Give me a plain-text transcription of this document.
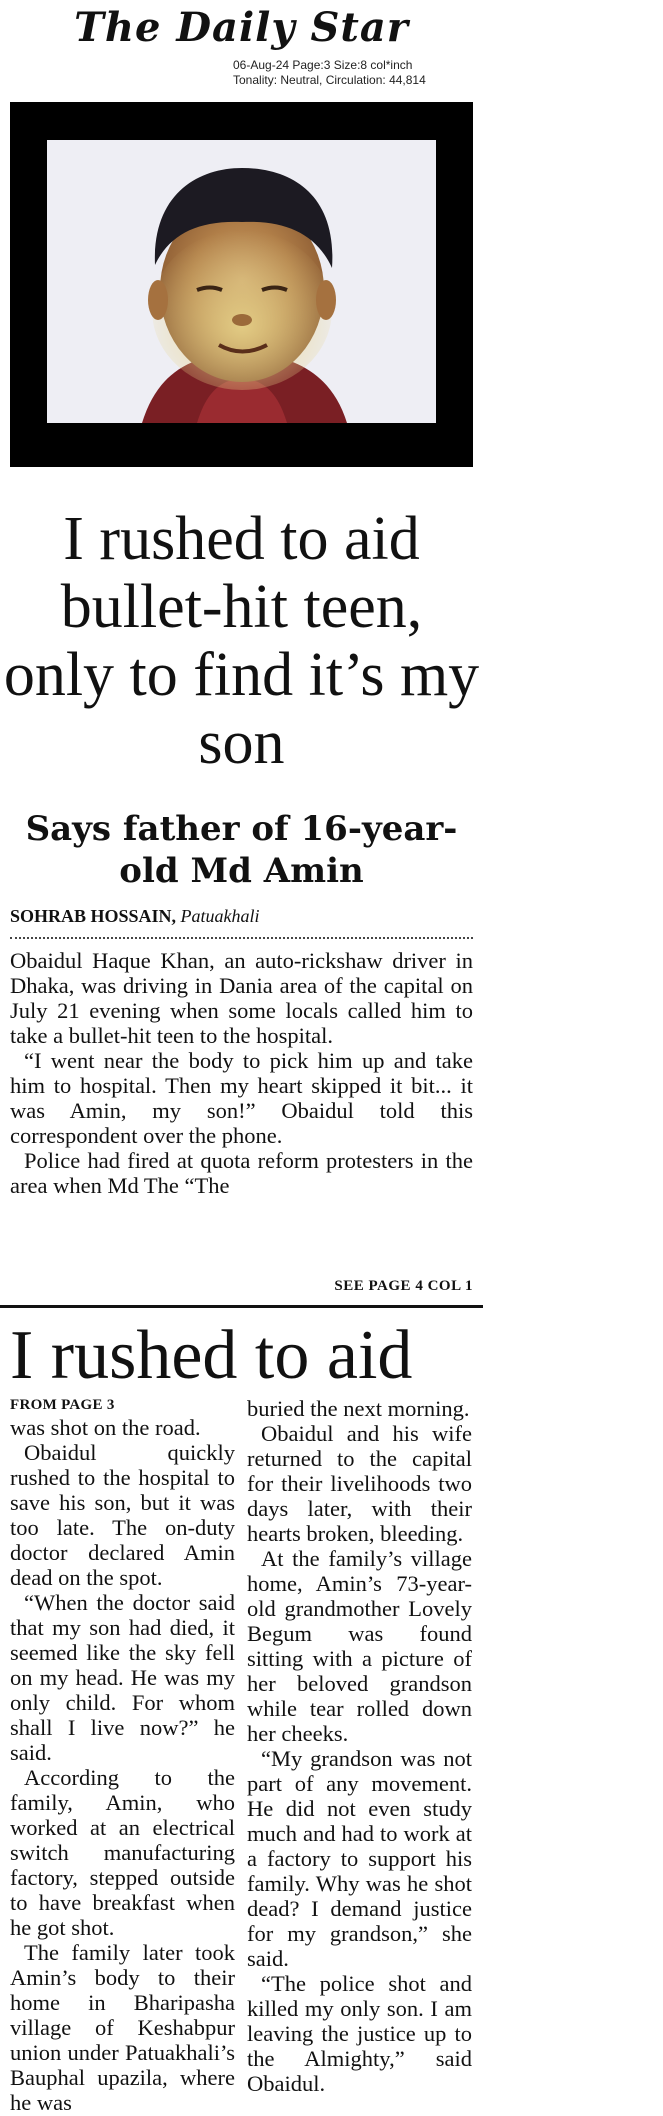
The Daily Star
06-Aug-24 Page:3 Size:8 col*inch
Tonality: Neutral, Circulation: 44,814
I rushed to aid bullet-hit teen, only to find it’s my son
Says father of 16-year-old Md Amin
SOHRAB HOSSAIN, Patuakhali

Obaidul Haque Khan, an auto-rickshaw driver in Dhaka, was driving in Dania area of the capital on July 21 evening when some locals called him to take a bullet-hit teen to the hospital.

“I went near the body to pick him up and take him to hospital. Then my heart skipped it bit... it was Amin, my son!” Obaidul told this correspondent over the phone.

Police had fired at quota reform protesters in the area when Md The “The

SEE PAGE 4 COL 1
I rushed to aid
FROM PAGE 3

was shot on the road.

Obaidul quickly rushed to the hospital to save his son, but it was too late. The on-duty doctor declared Amin dead on the spot.

“When the doctor said that my son had died, it seemed like the sky fell on my head. He was my only child. For whom shall I live now?” he said.

According to the family, Amin, who worked at an electrical switch manufacturing factory, stepped outside to have breakfast when he got shot.

The family later took Amin’s body to their home in Bharipasha village of Keshabpur union under Patuakhali’s Bauphal upazila, where he was

buried the next morning.

Obaidul and his wife returned to the capital for their livelihoods two days later, with their hearts broken, bleeding.

At the family’s village home, Amin’s 73-year-old grandmother Lovely Begum was found sitting with a picture of her beloved grandson while tear rolled down her cheeks.

“My grandson was not part of any movement. He did not even study much and had to work at a factory to support his family. Why was he shot dead? I demand justice for my grandson,” she said.

“The police shot and killed my only son. I am leaving the justice up to the Almighty,” said Obaidul.
